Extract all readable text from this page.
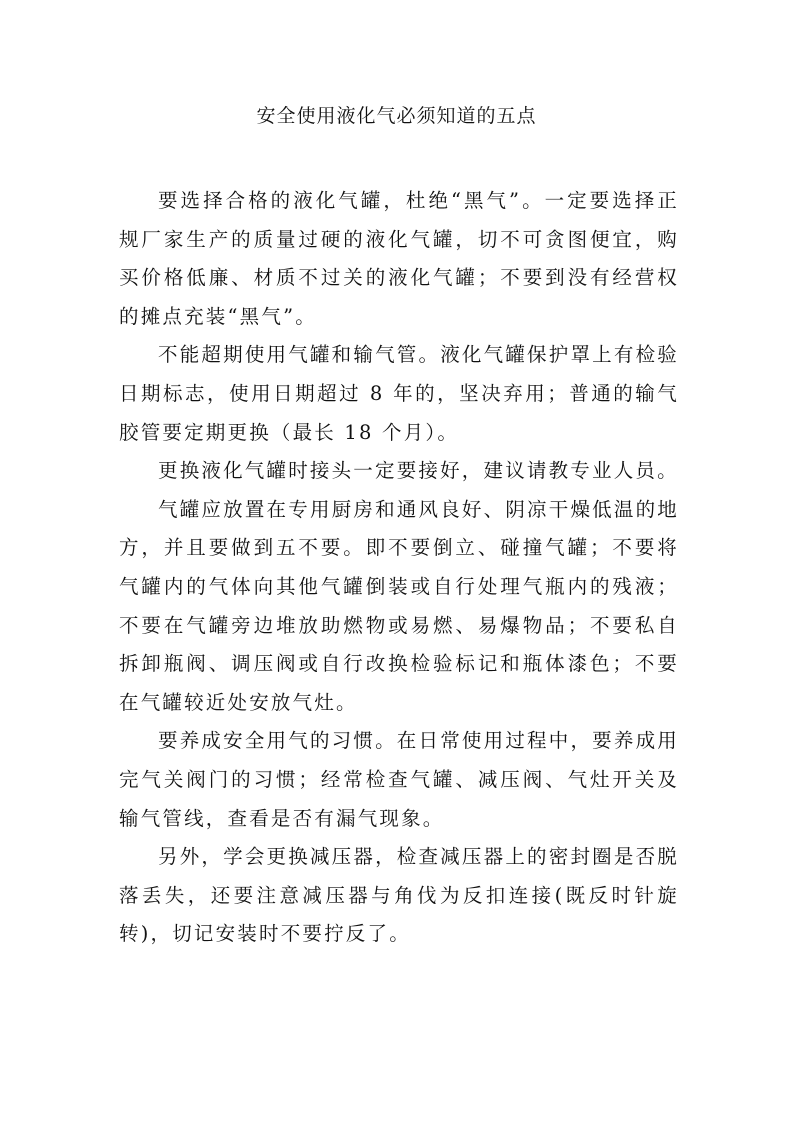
安全使用液化气必须知道的五点

要选择合格的液化气罐，杜绝“黑气”。一定要选择正规厂家生产的质量过硬的液化气罐，切不可贪图便宜，购买价格低廉、材质不过关的液化气罐；不要到没有经营权的摊点充装“黑气”。

不能超期使用气罐和输气管。液化气罐保护罩上有检验日期标志，使用日期超过 8 年的，坚决弃用；普通的输气胶管要定期更换（最长 18 个月）。

更换液化气罐时接头一定要接好，建议请教专业人员。

气罐应放置在专用厨房和通风良好、阴凉干燥低温的地方，并且要做到五不要。即不要倒立、碰撞气罐；不要将气罐内的气体向其他气罐倒装或自行处理气瓶内的残液；不要在气罐旁边堆放助燃物或易燃、易爆物品；不要私自拆卸瓶阀、调压阀或自行改换检验标记和瓶体漆色；不要在气罐较近处安放气灶。

要养成安全用气的习惯。在日常使用过程中，要养成用完气关阀门的习惯；经常检查气罐、减压阀、气灶开关及输气管线，查看是否有漏气现象。

另外，学会更换减压器，检查减压器上的密封圈是否脱落丢失，还要注意减压器与角伐为反扣连接(既反时针旋转)，切记安装时不要拧反了。
